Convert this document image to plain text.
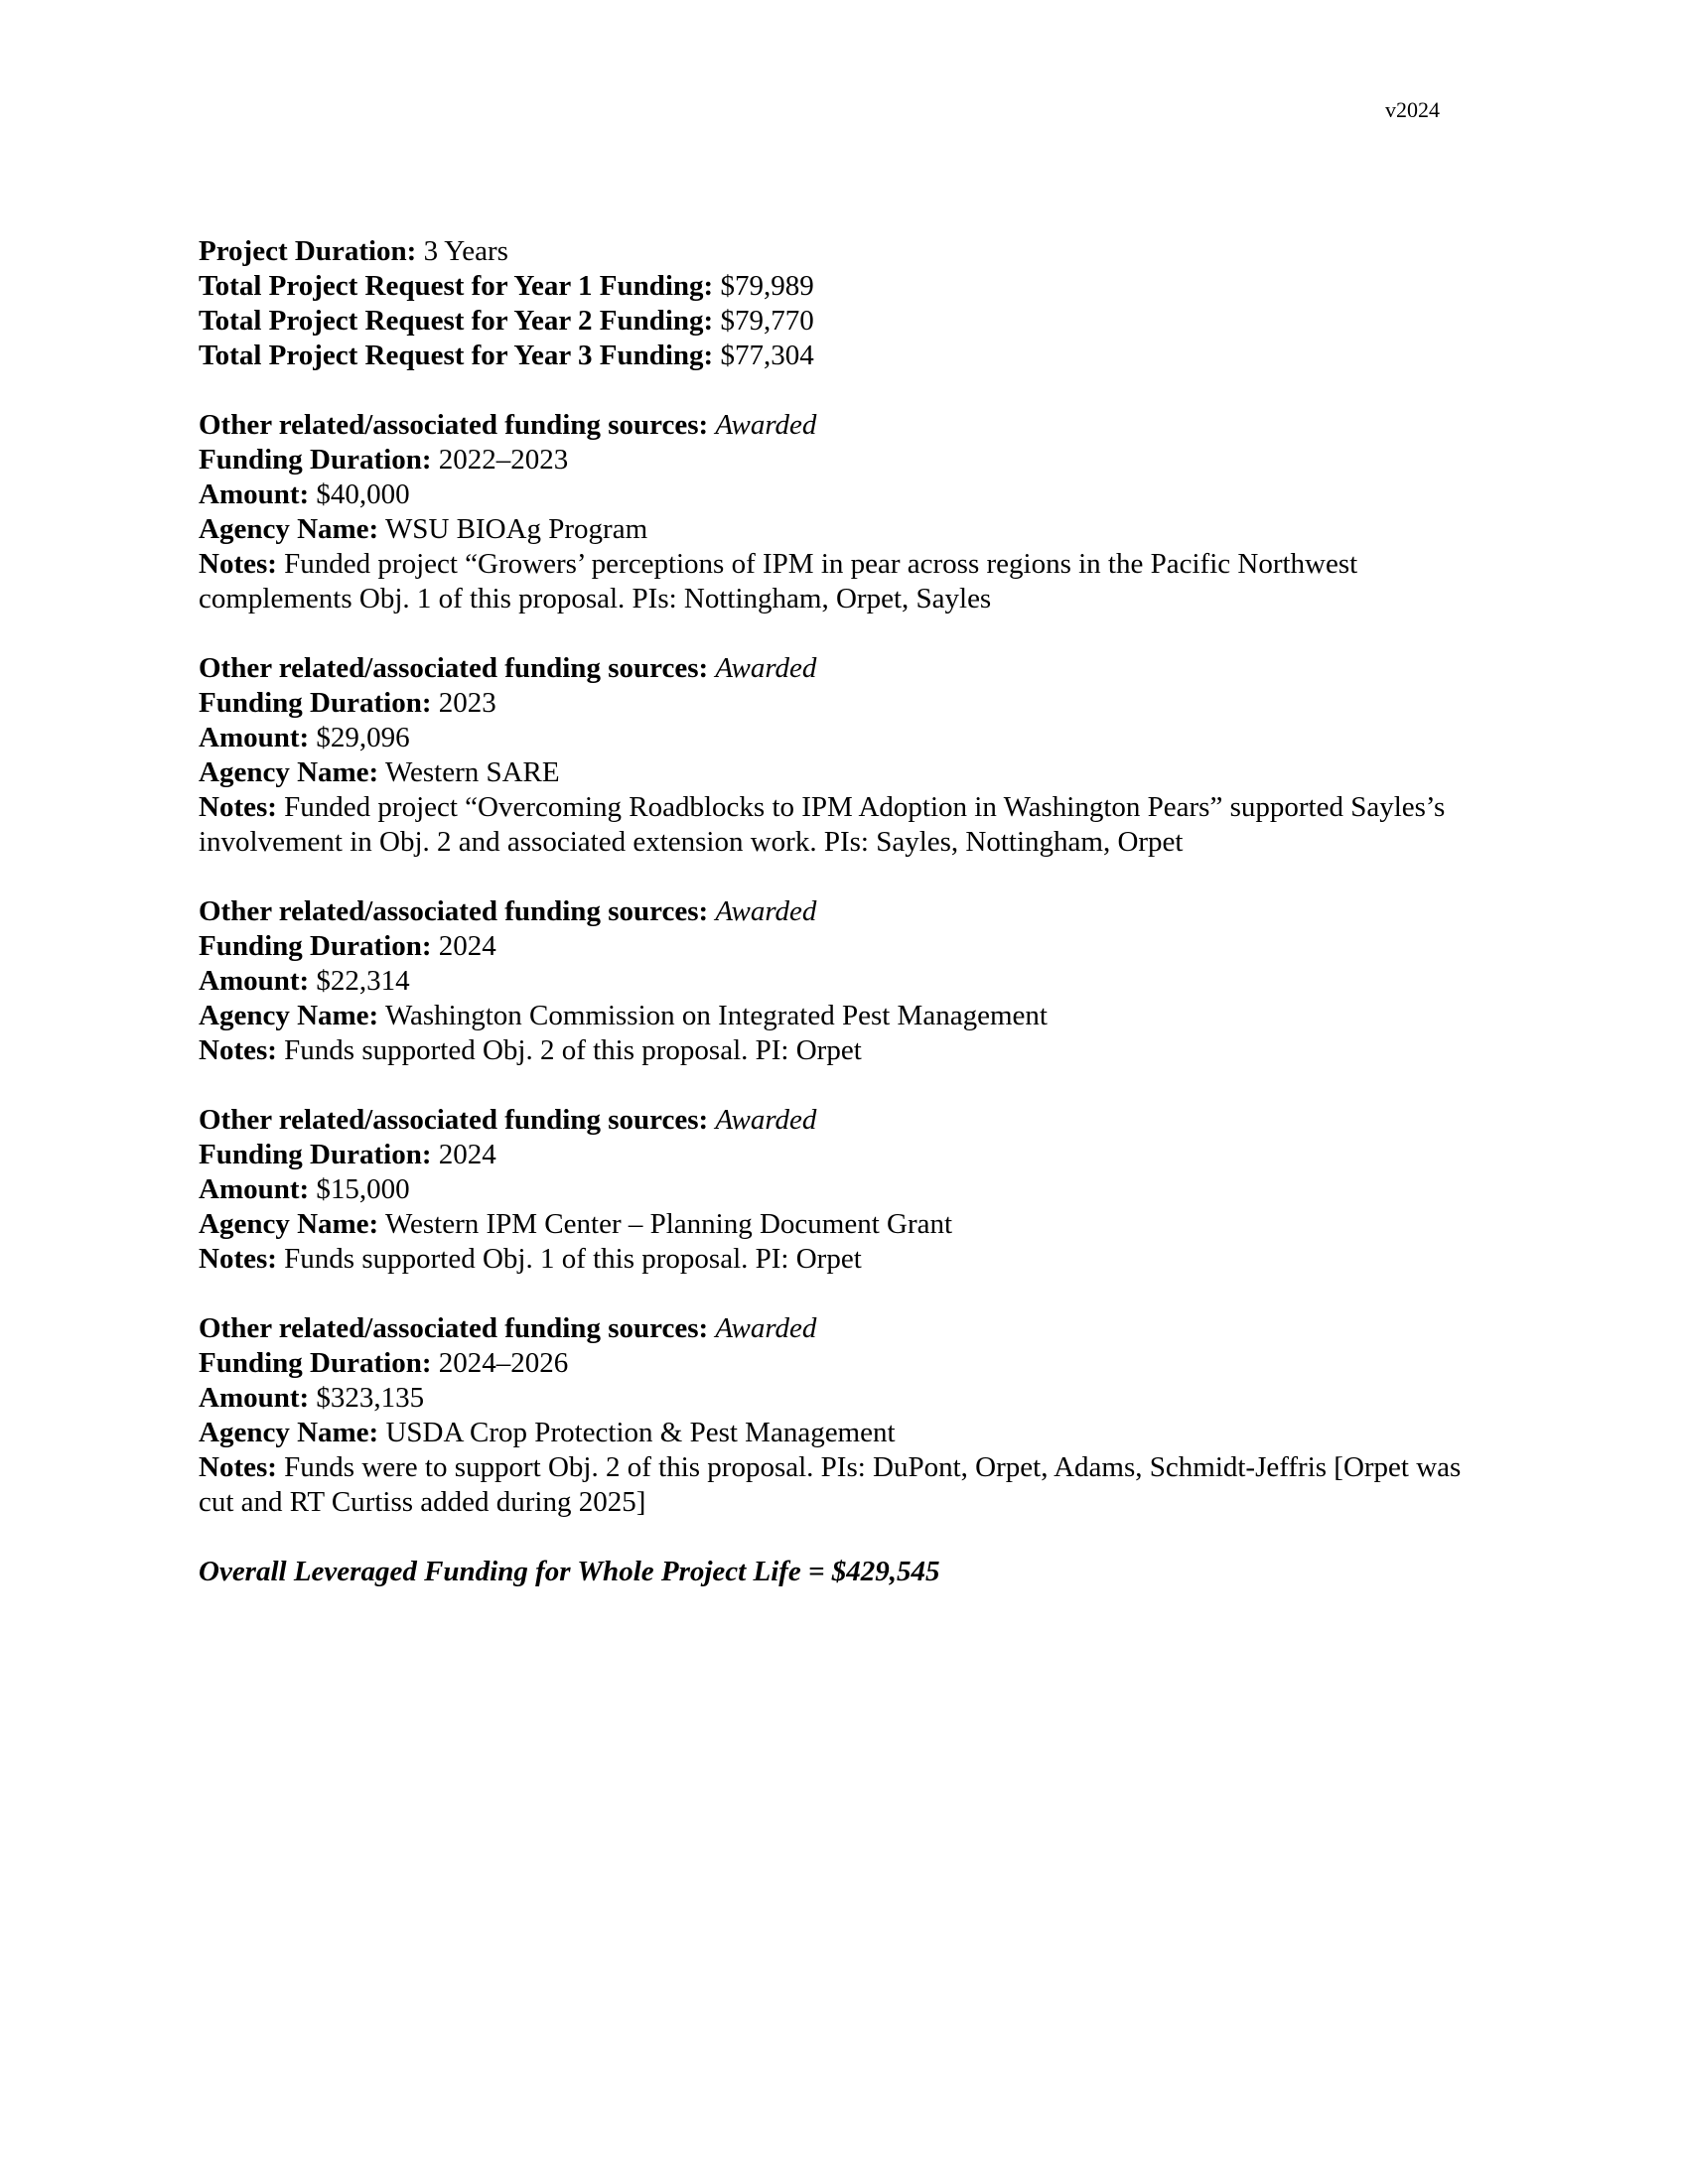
v2024

Project Duration: 3 Years

Total Project Request for Year 1 Funding: $79,989

Total Project Request for Year 2 Funding: $79,770

Total Project Request for Year 3 Funding: $77,304

Other related/associated funding sources: Awarded

Funding Duration: 2022–2023

Amount: $40,000

Agency Name: WSU BIOAg Program

Notes: Funded project “Growers’ perceptions of IPM in pear across regions in the Pacific Northwest complements Obj. 1 of this proposal. PIs: Nottingham, Orpet, Sayles

Other related/associated funding sources: Awarded

Funding Duration: 2023

Amount: $29,096

Agency Name: Western SARE

Notes: Funded project “Overcoming Roadblocks to IPM Adoption in Washington Pears” supported Sayles’s involvement in Obj. 2 and associated extension work. PIs: Sayles, Nottingham, Orpet

Other related/associated funding sources: Awarded

Funding Duration: 2024

Amount: $22,314

Agency Name: Washington Commission on Integrated Pest Management

Notes: Funds supported Obj. 2 of this proposal. PI: Orpet

Other related/associated funding sources: Awarded

Funding Duration: 2024

Amount: $15,000

Agency Name: Western IPM Center – Planning Document Grant

Notes: Funds supported Obj. 1 of this proposal. PI: Orpet

Other related/associated funding sources: Awarded

Funding Duration: 2024–2026

Amount: $323,135

Agency Name: USDA Crop Protection & Pest Management

Notes: Funds were to support Obj. 2 of this proposal. PIs: DuPont, Orpet, Adams, Schmidt-Jeffris [Orpet was cut and RT Curtiss added during 2025]

Overall Leveraged Funding for Whole Project Life = $429,545
